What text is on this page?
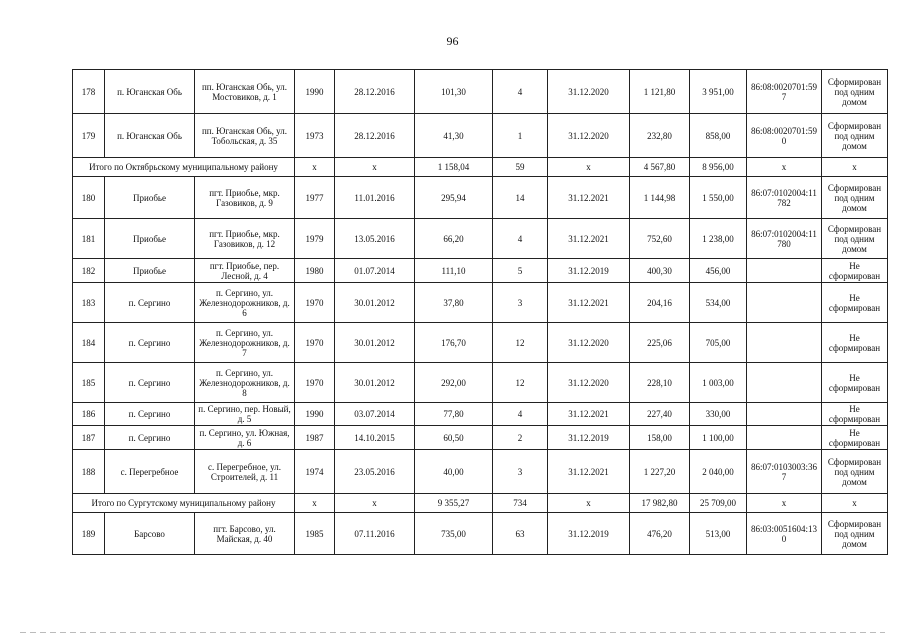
96
178	п. Юганская Обь	пп. Юганская Обь, ул. Мостовиков, д. 1	1990	28.12.2016	101,30	4	31.12.2020	1 121,80	3 951,00	86:08:0020701:597	Сформирован под одним домом
179	п. Юганская Обь	пп. Юганская Обь, ул. Тобольская, д. 35	1973	28.12.2016	41,30	1	31.12.2020	232,80	858,00	86:08:0020701:590	Сформирован под одним домом
Итого по Октябрьскому муниципальному району			х	х	1 158,04	59	х	4 567,80	8 956,00	х	х
180	Приобье	пгт. Приобье, мкр. Газовиков, д. 9	1977	11.01.2016	295,94	14	31.12.2021	1 144,98	1 550,00	86:07:0102004:11782	Сформирован под одним домом
181	Приобье	пгт. Приобье, мкр. Газовиков, д. 12	1979	13.05.2016	66,20	4	31.12.2021	752,60	1 238,00	86:07:0102004:11780	Сформирован под одним домом
182	Приобье	пгт. Приобье, пер. Лесной, д. 4	1980	01.07.2014	111,10	5	31.12.2019	400,30	456,00		Не сформирован
183	п. Сергино	п. Сергино, ул. Железнодорожников, д. 6	1970	30.01.2012	37,80	3	31.12.2021	204,16	534,00		Не сформирован
184	п. Сергино	п. Сергино, ул. Железнодорожников, д. 7	1970	30.01.2012	176,70	12	31.12.2020	225,06	705,00		Не сформирован
185	п. Сергино	п. Сергино, ул. Железнодорожников, д. 8	1970	30.01.2012	292,00	12	31.12.2020	228,10	1 003,00		Не сформирован
186	п. Сергино	п. Сергино, пер. Новый, д. 5	1990	03.07.2014	77,80	4	31.12.2021	227,40	330,00		Не сформирован
187	п. Сергино	п. Сергино, ул. Южная, д. 6	1987	14.10.2015	60,50	2	31.12.2019	158,00	1 100,00		Не сформирован
188	с. Перегребное	с. Перегребное, ул. Строителей, д. 11	1974	23.05.2016	40,00	3	31.12.2021	1 227,20	2 040,00	86:07:0103003:367	Сформирован под одним домом
Итого по Сургутскому муниципальному району			х	х	9 355,27	734	х	17 982,80	25 709,00	х	х
189	Барсово	пгт. Барсово, ул. Майская, д. 40	1985	07.11.2016	735,00	63	31.12.2019	476,20	513,00	86:03:0051604:130	Сформирован под одним домом
